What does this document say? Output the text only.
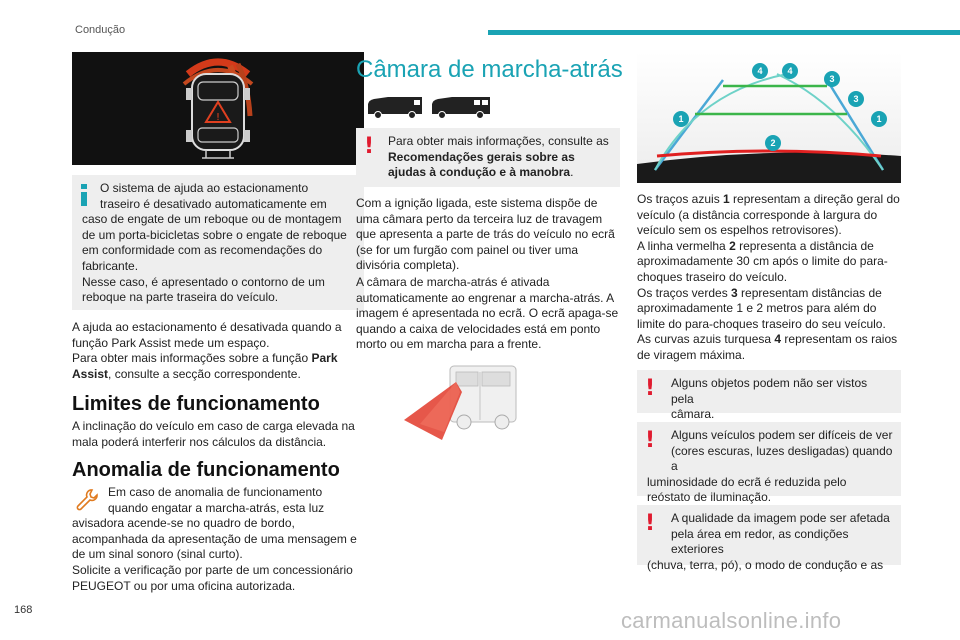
Condução
!
O sistema de ajuda ao estacionamento
traseiro é desativado automaticamente em
caso de engate de um reboque ou de montagem de um porta-bicicletas sobre o engate de reboque em conformidade com as recomendações do fabricante.
Nesse caso, é apresentado o contorno de um
reboque na parte traseira do veículo.
A ajuda ao estacionamento é desativada quando a função Park Assist mede um espaço.
Para obter mais informações sobre a função Park Assist, consulte a secção correspondente.
Limites de funcionamento
A inclinação do veículo em caso de carga elevada na mala poderá interferir nos cálculos da distância.
Anomalia de funcionamento
Em caso de anomalia de funcionamento
quando engatar a marcha-atrás, esta luz
avisadora acende-se no quadro de bordo, acompanhada da apresentação de uma mensagem e de um sinal sonoro (sinal curto).
Solicite a verificação por parte de um concessionário PEUGEOT ou por uma oficina autorizada.
Câmara de marcha-atrás
!	Para obter mais informações, consulte as
Recomendações gerais sobre as ajudas à condução e à manobra.
Com a ignição ligada, este sistema dispõe de uma câmara perto da terceira luz de travagem que apresenta a parte de trás do veículo no ecrã (se for um furgão com painel ou tiver uma divisória completa).
A câmara de marcha-atrás é ativada automaticamente ao engrenar a marcha-atrás. A imagem é apresentada no ecrã. O ecrã apaga-se quando a caixa de velocidades está em ponto morto ou em marcha para a frente.
4	4
3
3
1	1
2
Os traços azuis 1 representam a direção geral do veículo (a distância corresponde à largura do veículo sem os espelhos retrovisores).
A linha vermelha 2 representa a distância de aproximadamente 30 cm após o limite do para-choques traseiro do veículo.
Os traços verdes 3 representam distâncias de aproximadamente 1 e 2 metros para além do limite do para-choques traseiro do seu veículo.
As curvas azuis turquesa 4 representam os raios de viragem máxima.
!	Alguns objetos podem não ser vistos pela
câmara.
!	Alguns veículos podem ser difíceis de ver
(cores escuras, luzes desligadas) quando a
luminosidade do ecrã é reduzida pelo reóstato de iluminação.
!	A qualidade da imagem pode ser afetada
pela área em redor, as condições exteriores
(chuva, terra, pó), o modo de condução e as
168	carmanualsonline.info
